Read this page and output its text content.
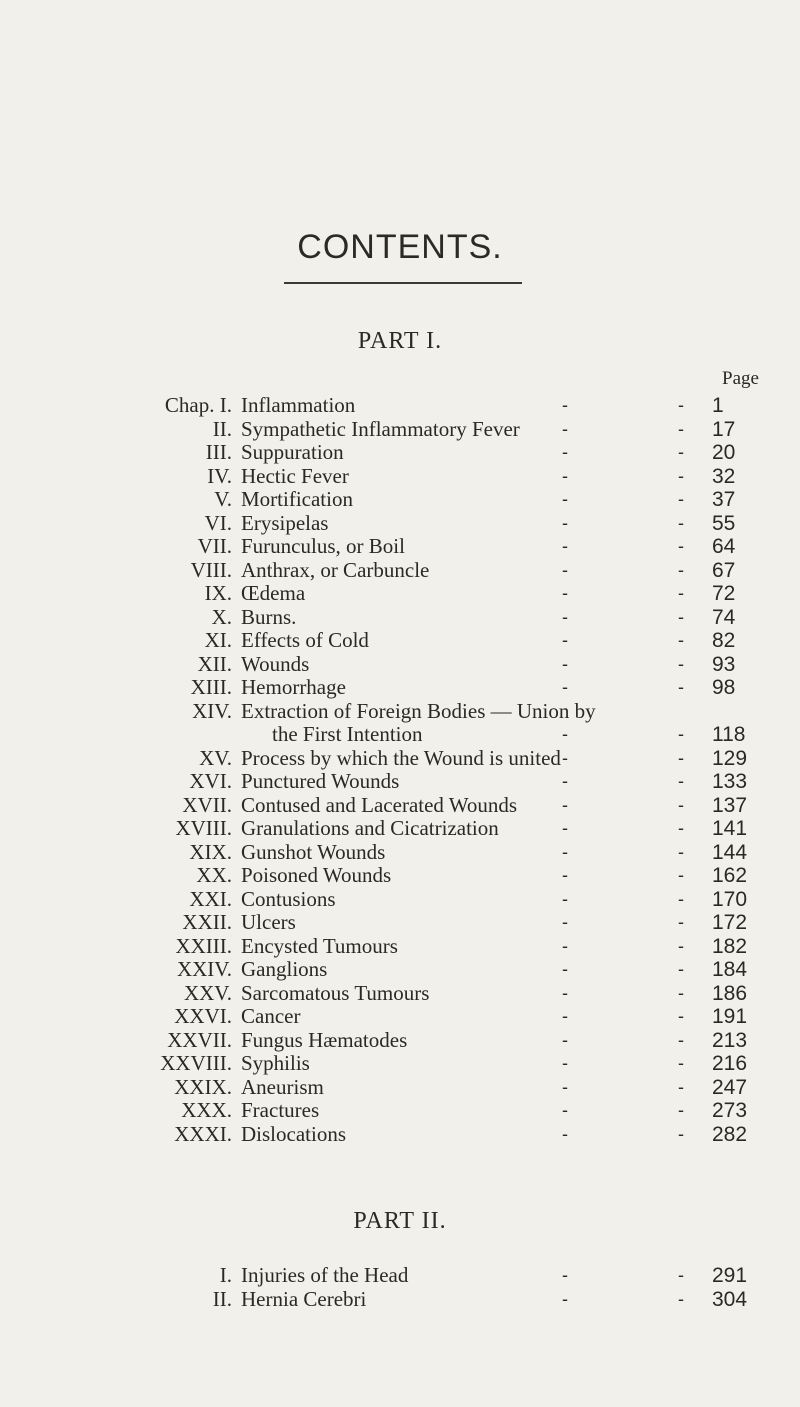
CONTENTS.
PART I.
Page
Chap. I. Inflammation	-	- 1
II. Sympathetic Inflammatory Fever -	- 17
III. Suppuration	-	- 20
IV. Hectic Fever	-	- 32
V. Mortification	-	- 37
VI. Erysipelas	-	- 55
VII. Furunculus, or Boil	-	- 64
VIII. Anthrax, or Carbuncle	-	- 67
IX. Œdema	-	- 72
X. Burns.	-	- 74
XI. Effects of Cold	-	- 82
XII. Wounds	-	- 93
XIII. Hemorrhage	-	- 98
XIV. Extraction of Foreign Bodies — Union by
the First Intention	-	- 118
XV. Process by which the Wound is united -	- 129
XVI. Punctured Wounds	-	- 133
XVII. Contused and Lacerated Wounds -	- 137
XVIII. Granulations and Cicatrization	-	- 141
XIX. Gunshot Wounds	-	- 144
XX. Poisoned Wounds	-	- 162
XXI. Contusions	-	- 170
XXII. Ulcers	-	- 172
XXIII. Encysted Tumours	-	- 182
XXIV. Ganglions	-	- 184
XXV. Sarcomatous Tumours	-	- 186
XXVI. Cancer	-	- 191
XXVII. Fungus Hæmatodes	-	- 213
XXVIII. Syphilis	-	- 216
XXIX. Aneurism	-	- 247
XXX. Fractures	-	- 273
XXXI. Dislocations	-	- 282
PART II.
I. Injuries of the Head	-	- 291
II. Hernia Cerebri	-	- 304
